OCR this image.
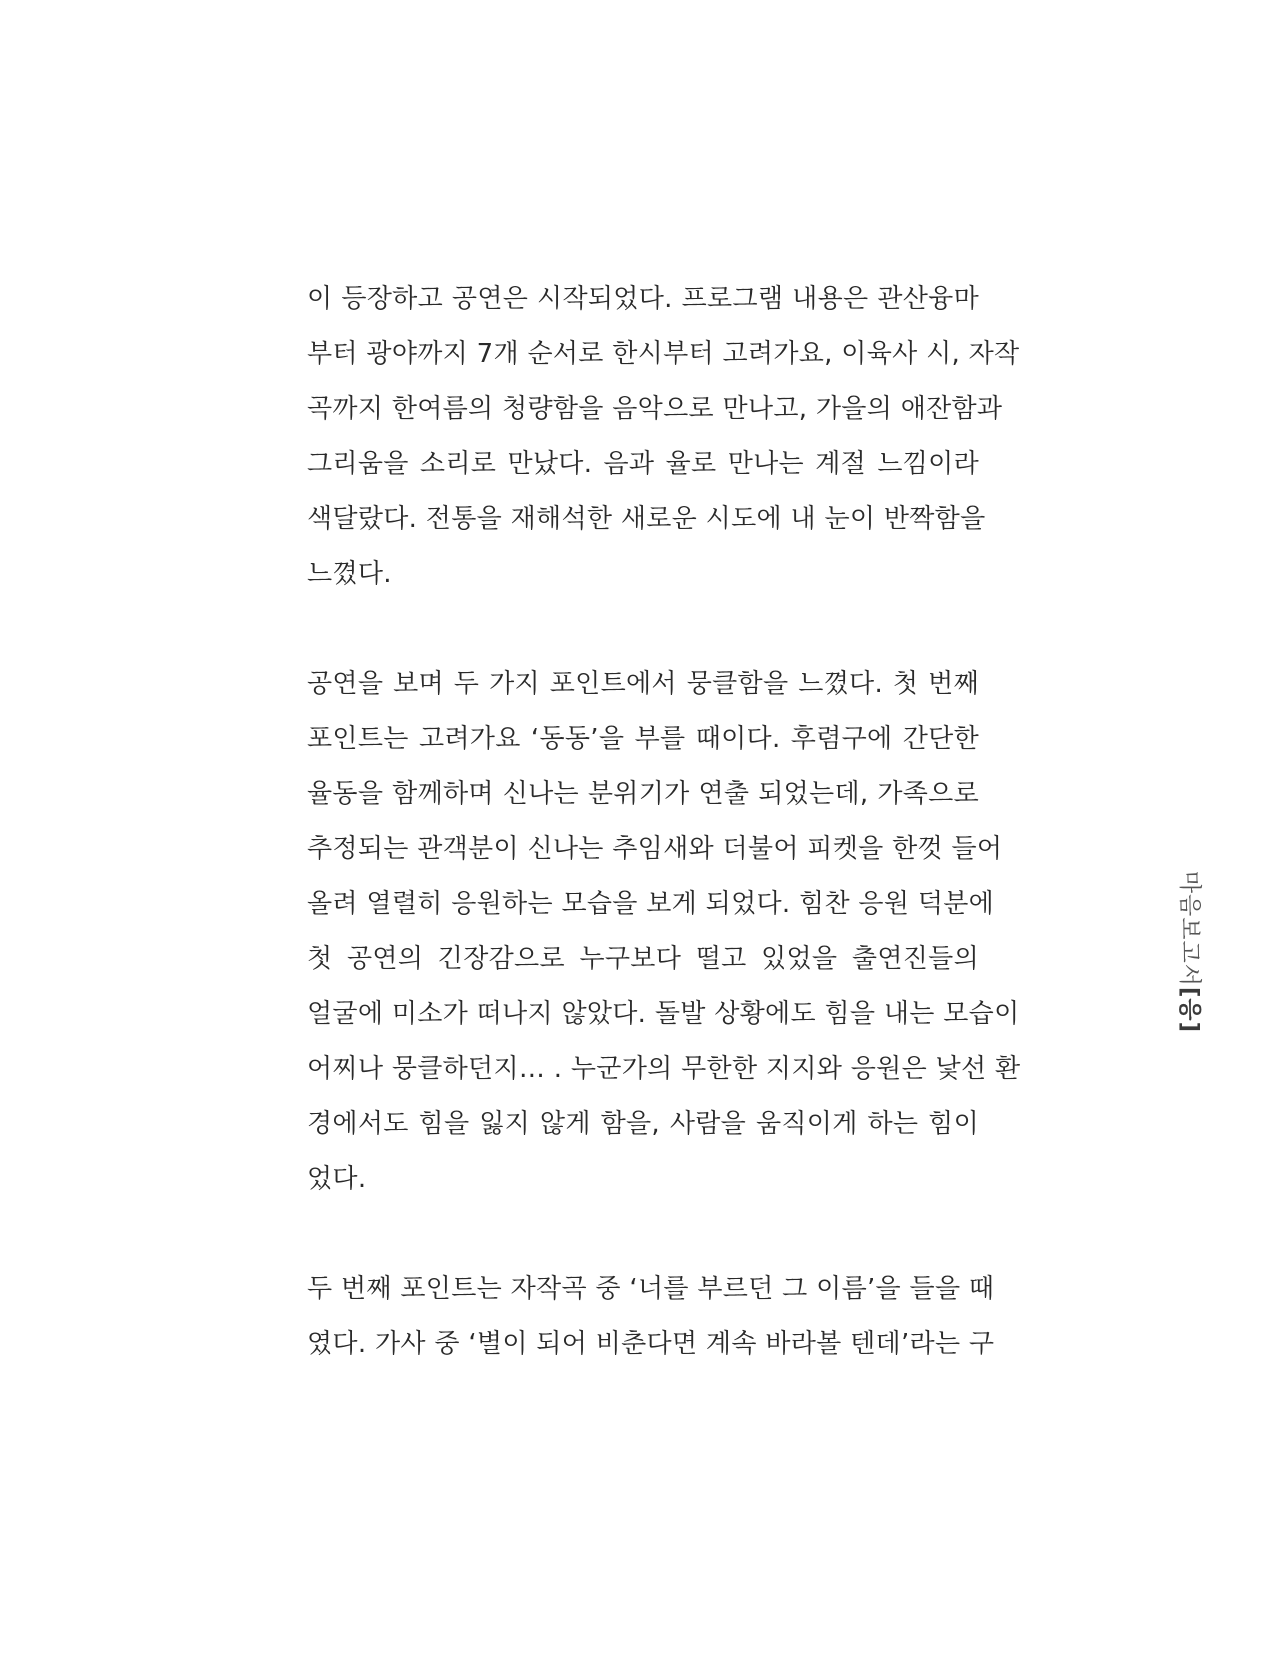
이 등장하고 공연은 시작되었다. 프로그램 내용은 관산융마
부터 광야까지 7개 순서로 한시부터 고려가요, 이육사 시, 자작
곡까지 한여름의 청량함을 음악으로 만나고, 가을의 애잔함과
그리움을 소리로 만났다. 음과 율로 만나는 계절 느낌이라
색달랐다. 전통을 재해석한 새로운 시도에 내 눈이 반짝함을
느꼈다.
공연을 보며 두 가지 포인트에서 뭉클함을 느꼈다. 첫 번째
포인트는 고려가요 ‘동동’을 부를 때이다. 후렴구에 간단한
율동을 함께하며 신나는 분위기가 연출 되었는데, 가족으로
추정되는 관객분이 신나는 추임새와 더불어 피켓을 한껏 들어
올려 열렬히 응원하는 모습을 보게 되었다. 힘찬 응원 덕분에
첫 공연의 긴장감으로 누구보다 떨고 있었을 출연진들의
얼굴에 미소가 떠나지 않았다. 돌발 상황에도 힘을 내는 모습이
어찌나 뭉클하던지… . 누군가의 무한한 지지와 응원은 낯선 환
경에서도 힘을 잃지 않게 함을, 사람을 움직이게 하는 힘이
었다.
두 번째 포인트는 자작곡 중 ‘너를 부르던 그 이름’을 들을 때
였다. 가사 중 ‘별이 되어 비춘다면 계속 바라볼 텐데’라는 구
마음보고서[응]
